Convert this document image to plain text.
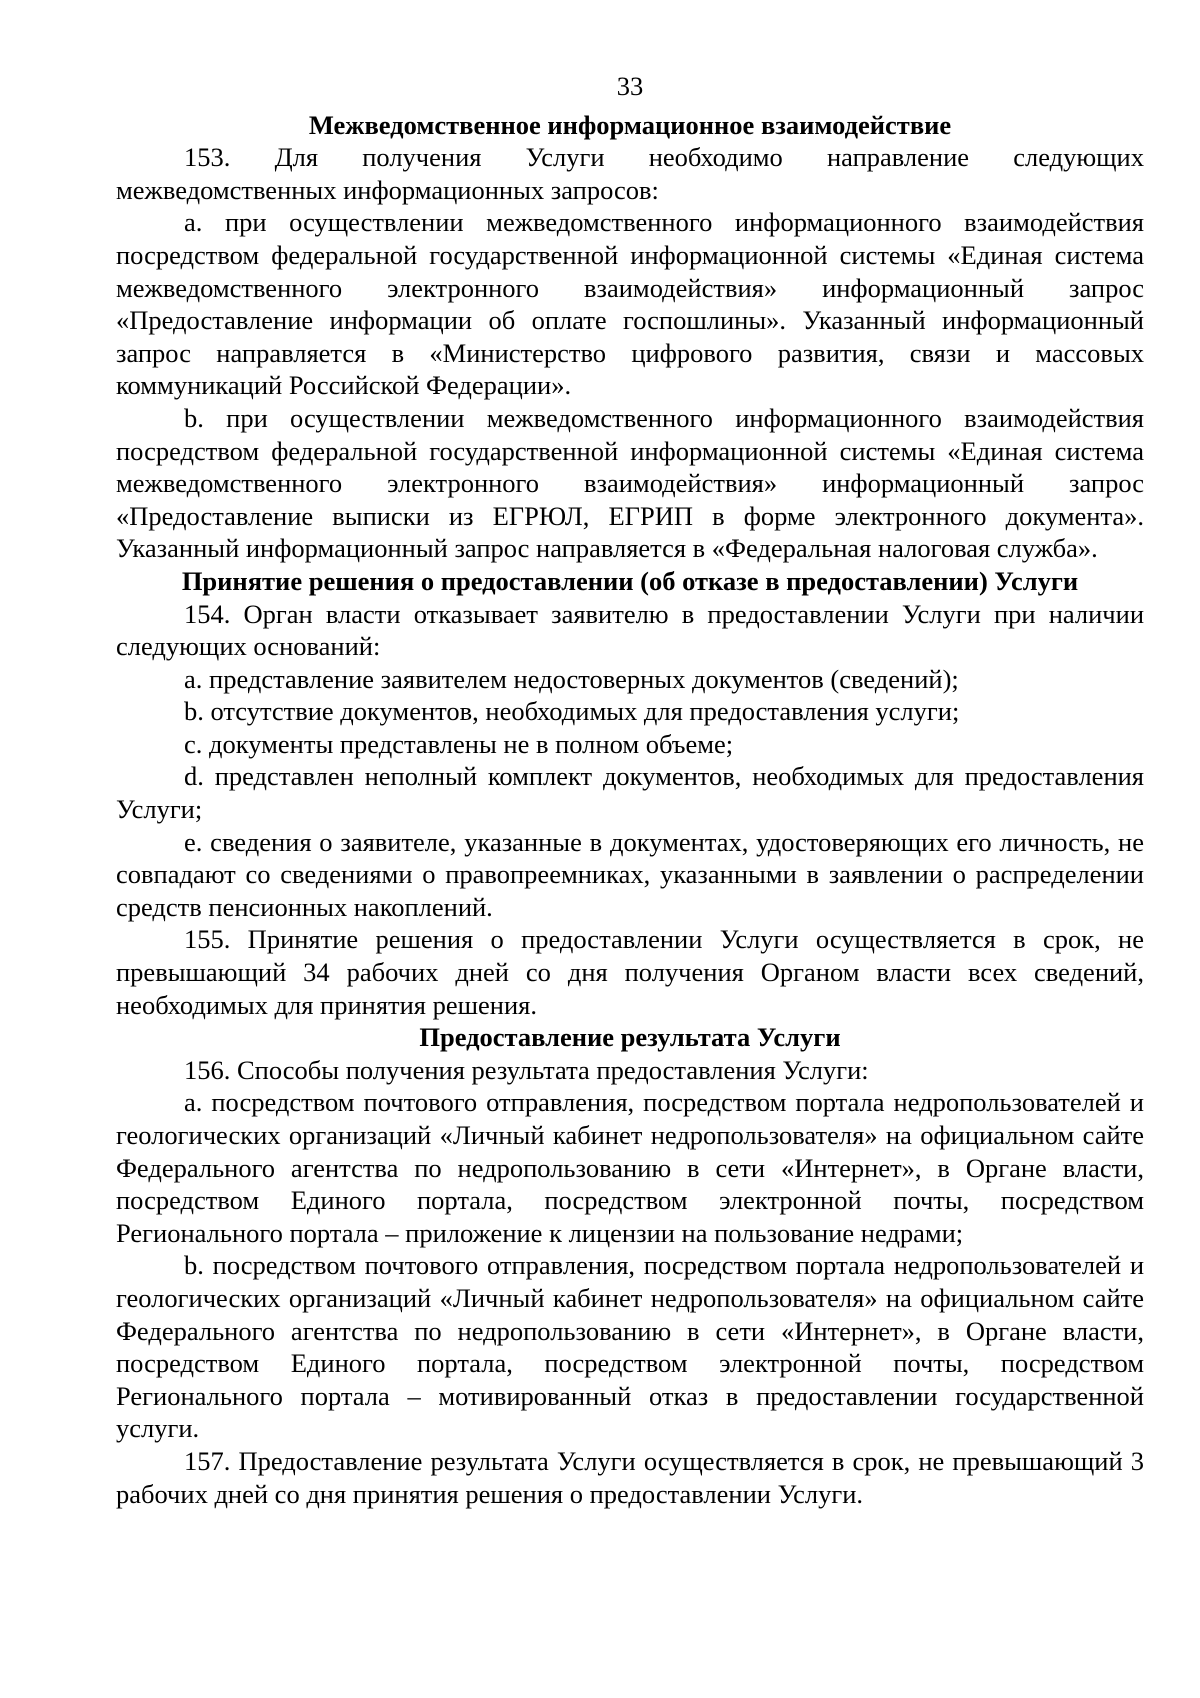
33
Межведомственное информационное взаимодействие

153. Для получения Услуги необходимо направление следующих межведомственных информационных запросов:

a. при осуществлении межведомственного информационного взаимодействия посредством федеральной государственной информационной системы «Единая система межведомственного электронного взаимодействия» информационный запрос «Предоставление информации об оплате госпошлины». Указанный информационный запрос направляется в «Министерство цифрового развития, связи и массовых коммуникаций Российской Федерации».

b. при осуществлении межведомственного информационного взаимодействия посредством федеральной государственной информационной системы «Единая система межведомственного электронного взаимодействия» информационный запрос «Предоставление выписки из ЕГРЮЛ, ЕГРИП в форме электронного документа». Указанный информационный запрос направляется в «Федеральная налоговая служба».

Принятие решения о предоставлении (об отказе в предоставлении) Услуги

154. Орган власти отказывает заявителю в предоставлении Услуги при наличии следующих оснований:

a. представление заявителем недостоверных документов (сведений);

b. отсутствие документов, необходимых для предоставления услуги;

c. документы представлены не в полном объеме;

d. представлен неполный комплект документов, необходимых для предоставления Услуги;

e. сведения о заявителе, указанные в документах, удостоверяющих его личность, не совпадают со сведениями о правопреемниках, указанными в заявлении о распределении средств пенсионных накоплений.

155. Принятие решения о предоставлении Услуги осуществляется в срок, не превышающий 34 рабочих дней со дня получения Органом власти всех сведений, необходимых для принятия решения.

Предоставление результата Услуги

156. Способы получения результата предоставления Услуги:

a. посредством почтового отправления, посредством портала недропользователей и геологических организаций «Личный кабинет недропользователя» на официальном сайте Федерального агентства по недропользованию в сети «Интернет», в Органе власти, посредством Единого портала, посредством электронной почты, посредством Регионального портала – приложение к лицензии на пользование недрами;

b. посредством почтового отправления, посредством портала недропользователей и геологических организаций «Личный кабинет недропользователя» на официальном сайте Федерального агентства по недропользованию в сети «Интернет», в Органе власти, посредством Единого портала, посредством электронной почты, посредством Регионального портала – мотивированный отказ в предоставлении государственной услуги.

157. Предоставление результата Услуги осуществляется в срок, не превышающий 3 рабочих дней со дня принятия решения о предоставлении Услуги.
